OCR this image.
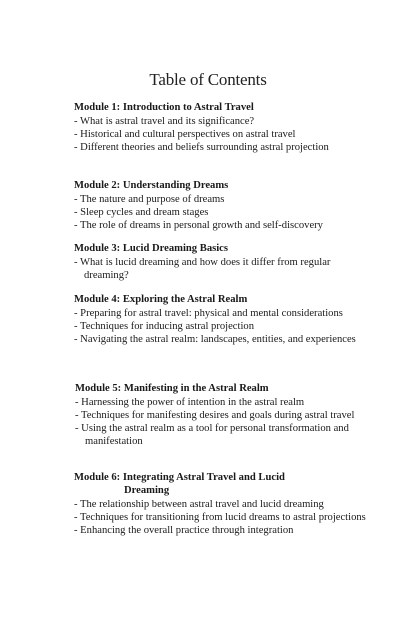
Table of Contents
Module 1: Introduction to Astral Travel
- What is astral travel and its significance?
- Historical and cultural perspectives on astral travel
- Different theories and beliefs surrounding astral projection
Module 2: Understanding Dreams
- The nature and purpose of dreams
- Sleep cycles and dream stages
- The role of dreams in personal growth and self-discovery
Module 3: Lucid Dreaming Basics
- What is lucid dreaming and how does it differ from regular dreaming?
Module 4: Exploring the Astral Realm
- Preparing for astral travel: physical and mental considerations
- Techniques for inducing astral projection
- Navigating the astral realm: landscapes, entities, and experiences
Module 5: Manifesting in the Astral Realm
- Harnessing the power of intention in the astral realm
- Techniques for manifesting desires and goals during astral travel
- Using the astral realm as a tool for personal transformation and manifestation
Module 6: Integrating Astral Travel and Lucid
Dreaming
- The relationship between astral travel and lucid dreaming
- Techniques for transitioning from lucid dreams to astral projections
- Enhancing the overall practice through integration
